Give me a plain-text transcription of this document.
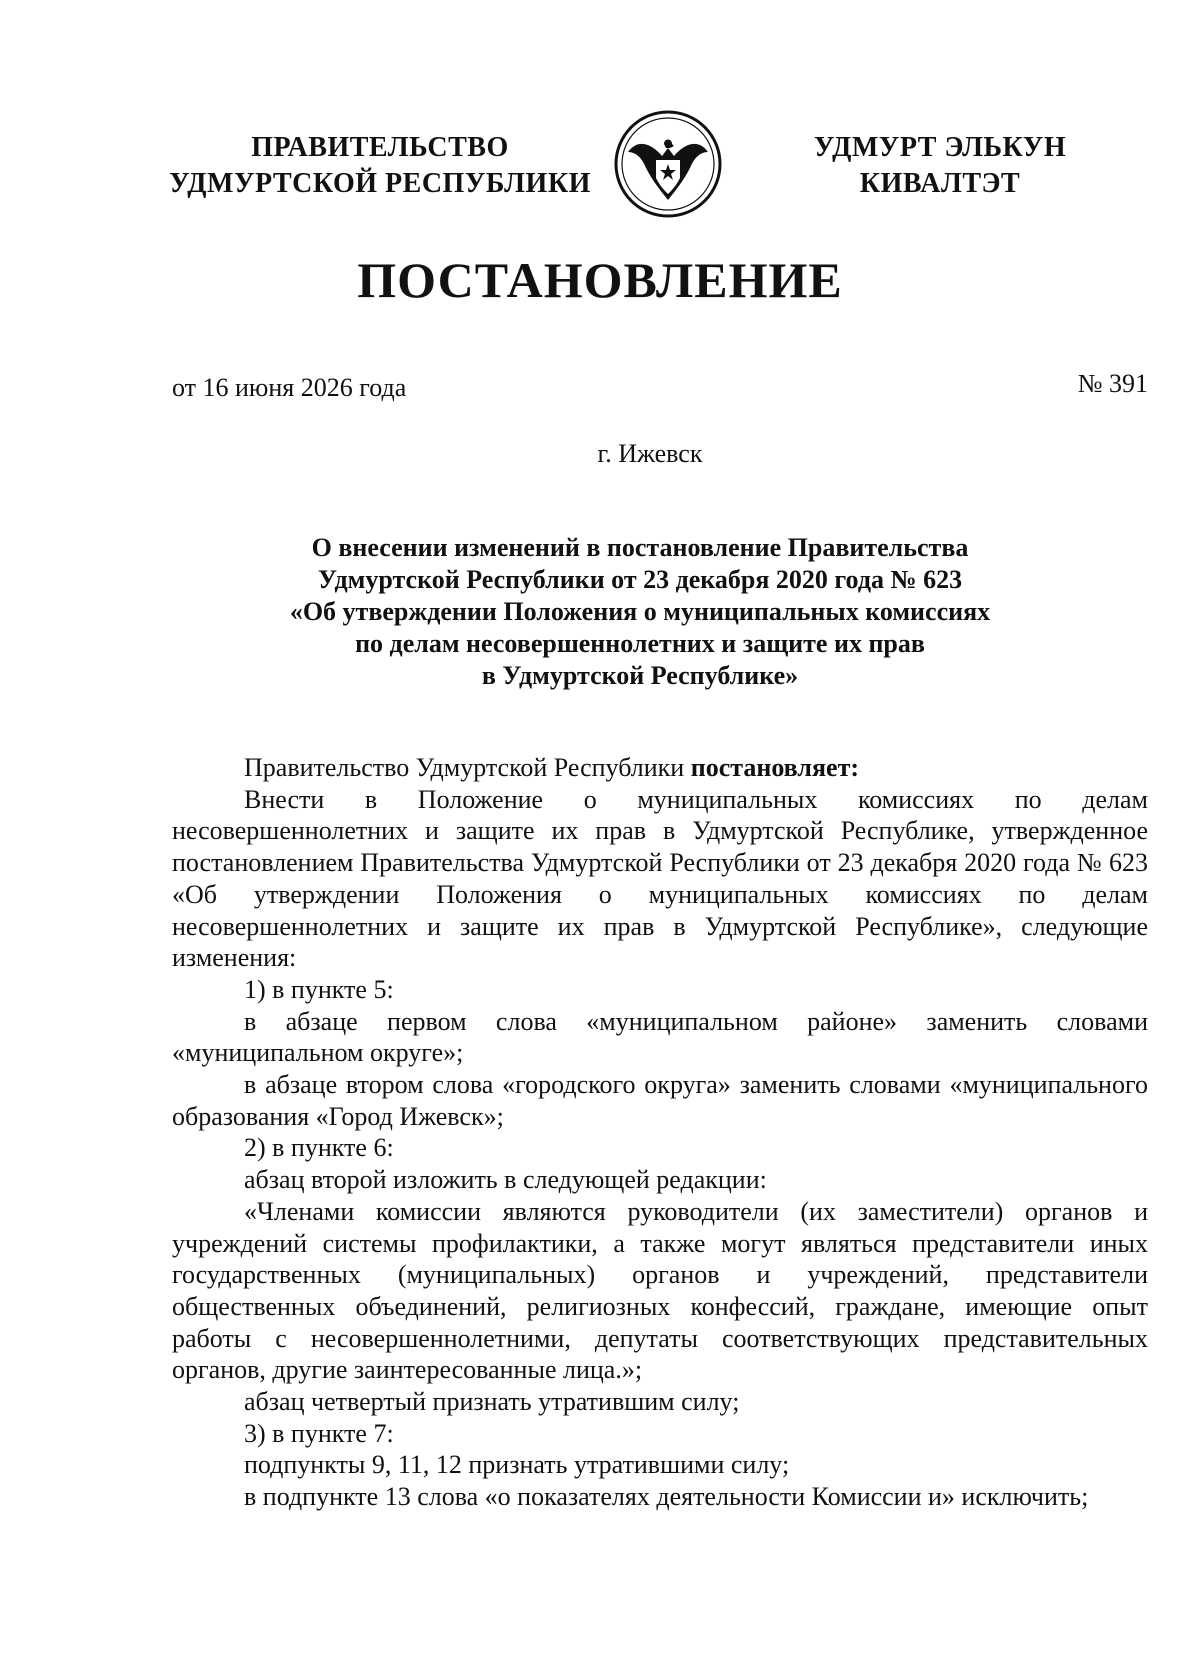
ПРАВИТЕЛЬСТВО
УДМУРТСКОЙ РЕСПУБЛИКИ
УДМУРТ ЭЛЬКУН
КИВАЛТЭТ
ПОСТАНОВЛЕНИЕ
от 16 июня 2026 года	№ 391
г. Ижевск
О внесении изменений в постановление Правительства
Удмуртской Республики от 23 декабря 2020 года № 623
«Об утверждении Положения о муниципальных комиссиях
по делам несовершеннолетних и защите их прав
в Удмуртской Республике»

Правительство Удмуртской Республики постановляет:

Внести в Положение о муниципальных комиссиях по делам несовершеннолетних и защите их прав в Удмуртской Республике, утвержденное постановлением Правительства Удмуртской Республики от 23 декабря 2020 года № 623 «Об утверждении Положения о муниципальных комиссиях по делам несовершеннолетних и защите их прав в Удмуртской Республике», следующие изменения:

1) в пункте 5:

в абзаце первом слова «муниципальном районе» заменить словами «муниципальном округе»;

в абзаце втором слова «городского округа» заменить словами «муниципального образования «Город Ижевск»;

2) в пункте 6:

абзац второй изложить в следующей редакции:

«Членами комиссии являются руководители (их заместители) органов и учреждений системы профилактики, а также могут являться представители иных государственных (муниципальных) органов и учреждений, представители общественных объединений, религиозных конфессий, граждане, имеющие опыт работы с несовершеннолетними, депутаты соответствующих представительных органов, другие заинтересованные лица.»;

абзац четвертый признать утратившим силу;

3) в пункте 7:

подпункты 9, 11, 12 признать утратившими силу;

в подпункте 13 слова «о показателях деятельности Комиссии и» исключить;
